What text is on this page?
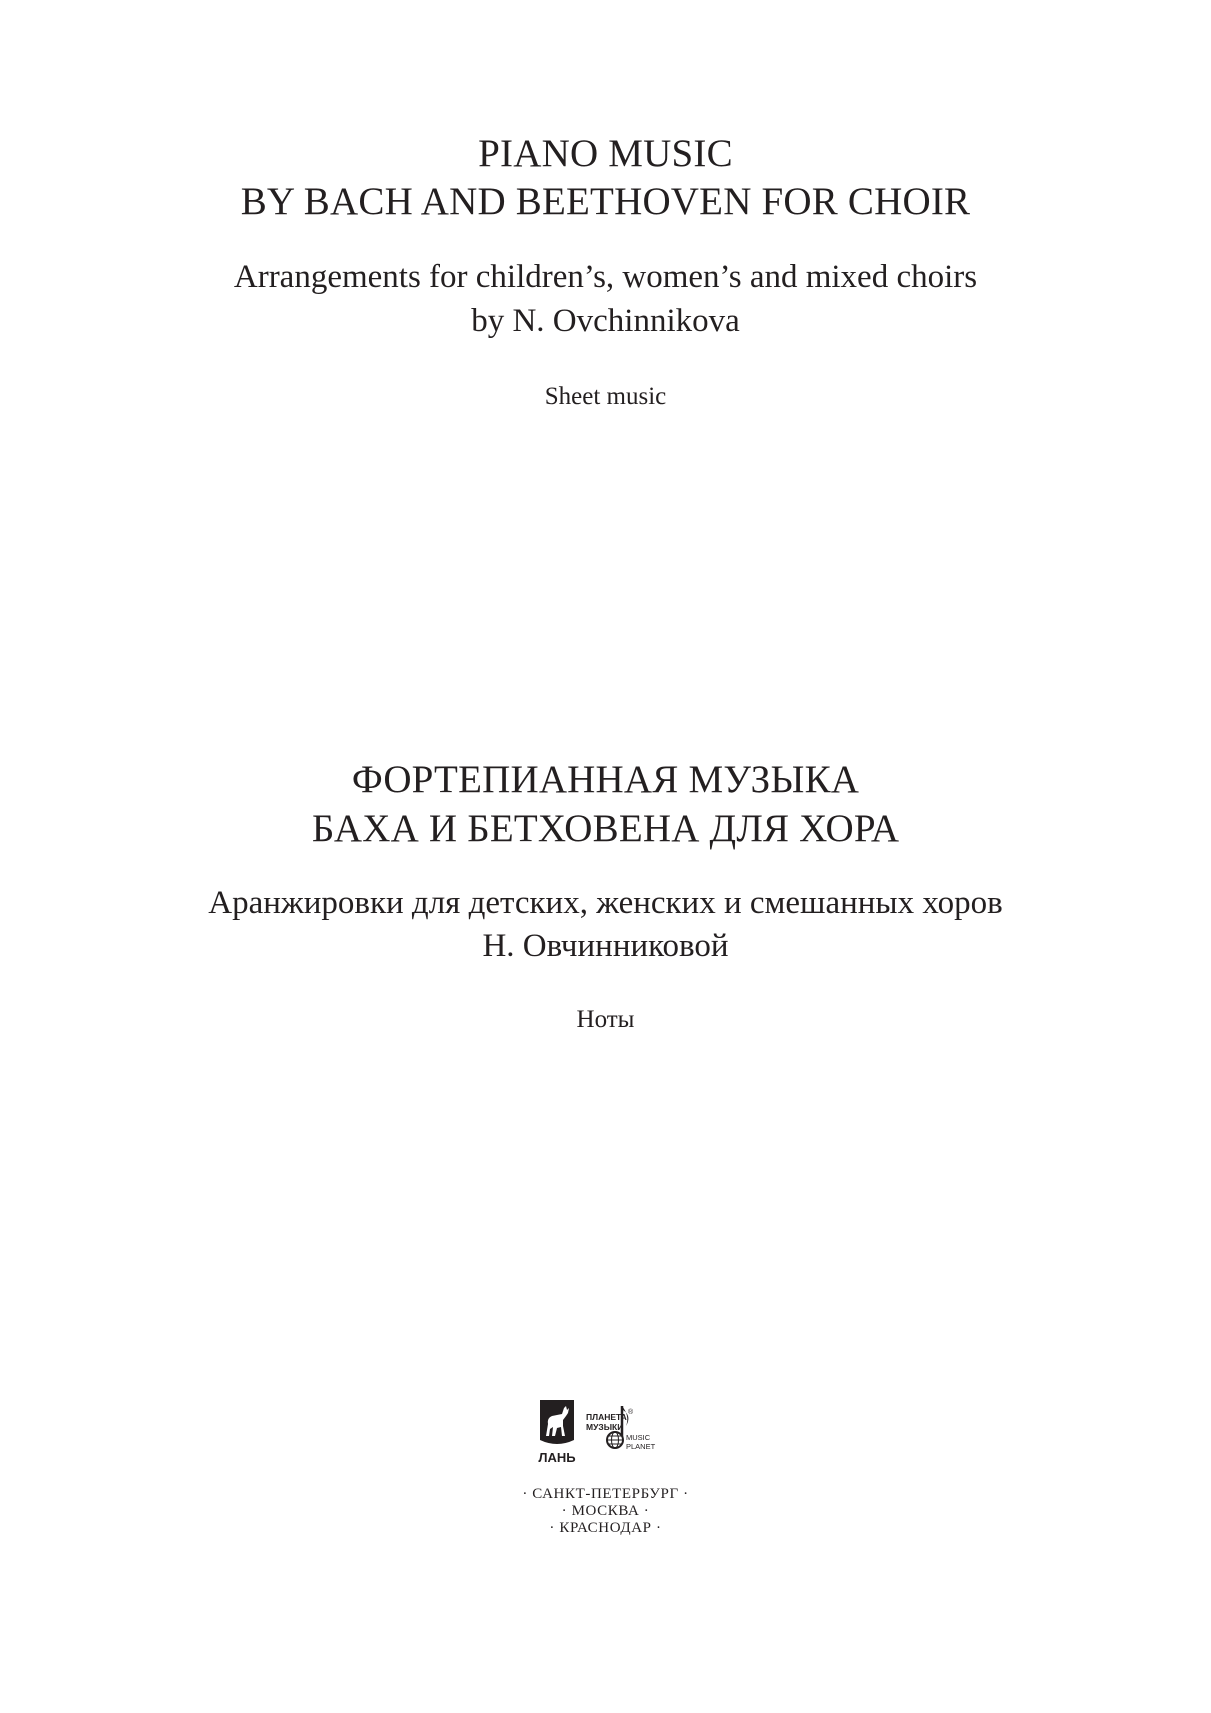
PIANO MUSIC
BY BACH AND BEETHOVEN FOR CHOIR
Arrangements for children’s, women’s and mixed choirs
by N. Ovchinnikova
Sheet music
ФОРТЕПИАННАЯ МУЗЫКА
БАХА И БЕТХОВЕНА ДЛЯ ХОРА
Аранжировки для детских, женских и смешанных хоров
Н. Овчинниковой
Ноты
ЛАНЬ
ПЛАНЕТА
МУЗЫКИ
®
MUSIC
PLANET
· САНКТ-ПЕТЕРБУРГ ·
· МОСКВА ·
· КРАСНОДАР ·
